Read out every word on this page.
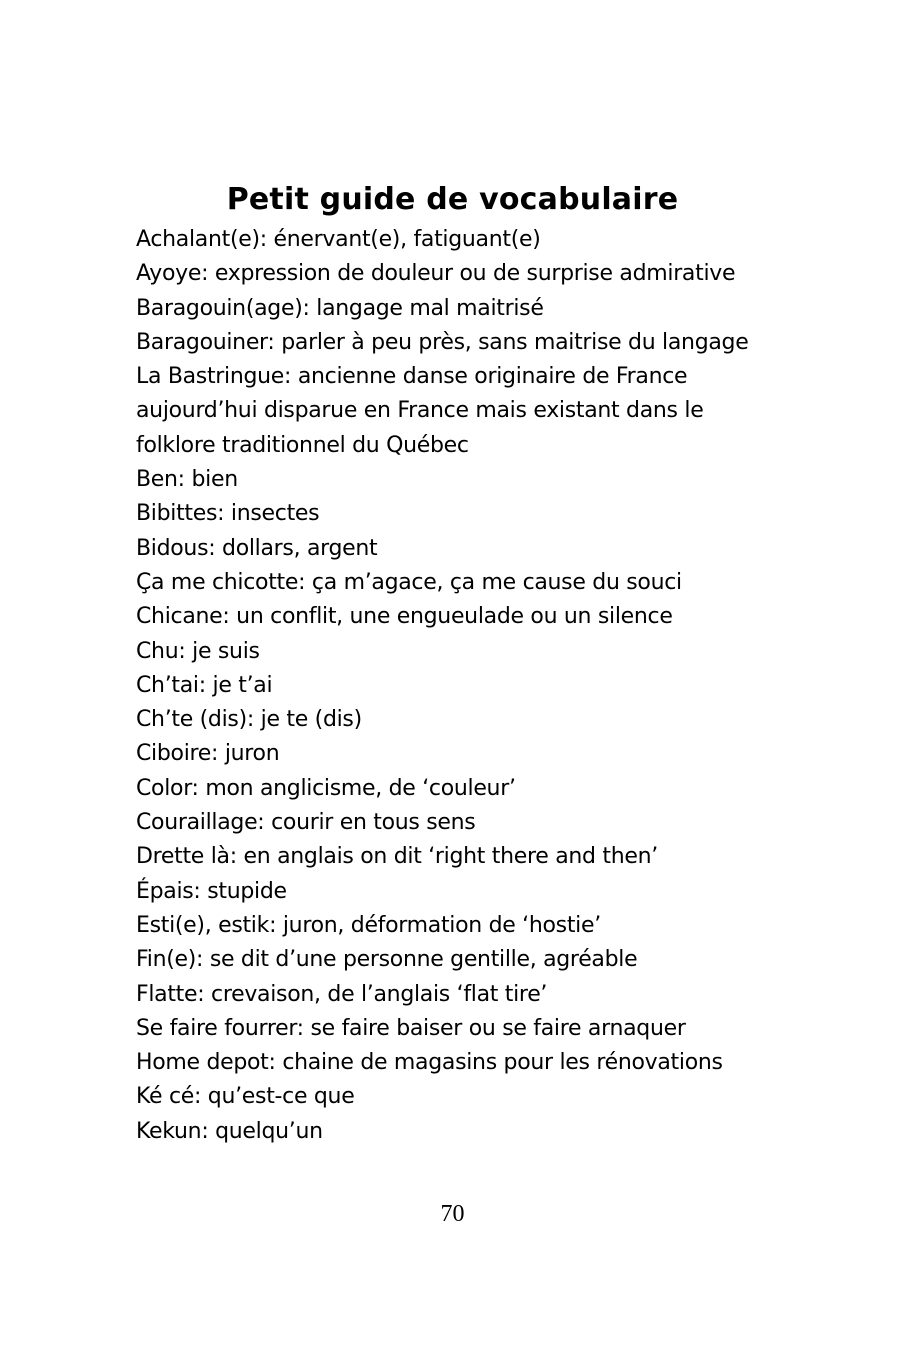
Petit guide de vocabulaire
Achalant(e): énervant(e), fatiguant(e)
Ayoye: expression de douleur ou de surprise admirative
Baragouin(age): langage mal maitrisé
Baragouiner: parler à peu près, sans maitrise du langage
La Bastringue: ancienne danse originaire de France
aujourd’hui disparue en France mais existant dans le
folklore traditionnel du Québec
Ben: bien
Bibittes: insectes
Bidous: dollars, argent
Ça me chicotte: ça m’agace, ça me cause du souci
Chicane: un conflit, une engueulade ou un silence
Chu: je suis
Ch’tai: je t’ai
Ch’te (dis): je te (dis)
Ciboire: juron
Color: mon anglicisme, de ‘couleur’
Couraillage: courir en tous sens
Drette là: en anglais on dit ‘right there and then’
Épais: stupide
Esti(e), estik: juron, déformation de ‘hostie’
Fin(e): se dit d’une personne gentille, agréable
Flatte: crevaison, de l’anglais ‘flat tire’
Se faire fourrer: se faire baiser ou se faire arnaquer
Home depot: chaine de magasins pour les rénovations
Ké cé: qu’est-ce que
Kekun: quelqu’un
70
